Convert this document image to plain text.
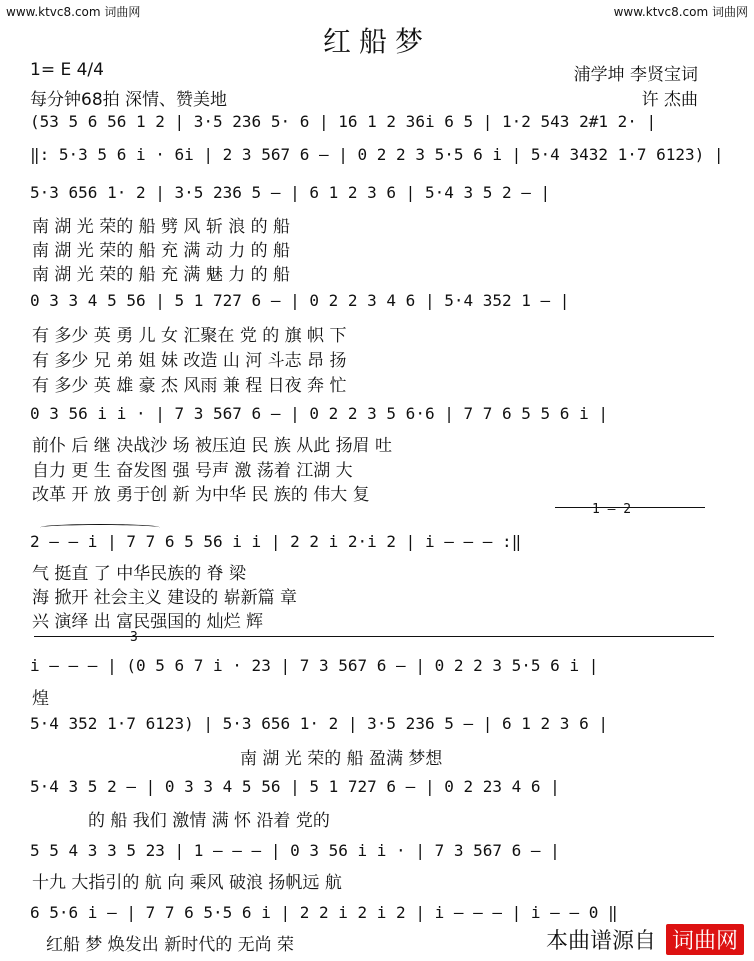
www.ktvc8.com 词曲网	www.ktvc8.com 词曲网
红船梦
1= E 4/4
每分钟68拍 深情、赞美地
浦学坤 李贤宝词
许 杰曲
(53 5 6 56 1 2 | 3·5 236 5· 6 | 16 1 2 36i 6 5 | 1·2 543 2#1 2· |
‖: 5·3 5 6 i · 6i | 2 3 567 6 – | 0 2 2 3 5·5 6 i | 5·4 3432 1·7 6123) |
5·3 656 1· 2 | 3·5 236 5 – | 6 1 2 3 6 | 5·4 3 5 2 – |
南 湖 光 荣的 船 劈 风 斩 浪 的 船
南 湖 光 荣的 船 充 满 动 力 的 船
南 湖 光 荣的 船 充 满 魅 力 的 船
0 3 3 4 5 56 | 5 1 727 6 – | 0 2 2 3 4 6 | 5·4 352 1 – |
有 多少 英 勇 儿 女 汇聚在 党 的 旗 帜 下
有 多少 兄 弟 姐 妹 改造 山 河 斗志 昂 扬
有 多少 英 雄 豪 杰 风雨 兼 程 日夜 奔 忙
0 3 56 i i · | 7 3 567 6 – | 0 2 2 3 5 6·6 | 7 7 6 5 5 6 i |
前仆 后 继 决战沙 场 被压迫 民 族 从此 扬眉 吐
自力 更 生 奋发图 强 号声 激 荡着 江湖 大
改革 开 放 勇于创 新 为中华 民 族的 伟大 复
1 – 2
2 – – i | 7 7 6 5 56 i i | 2 2 i 2·i 2 | i – – – :‖
气 挺直 了 中华民族的 脊 梁
海 掀开 社会主义 建设的 崭新篇 章
兴 演绎 出 富民强国的 灿烂 辉
3
i – – – | (0 5 6 7 i · 23 | 7 3 567 6 – | 0 2 2 3 5·5 6 i |
煌
5·4 352 1·7 6123) | 5·3 656 1· 2 | 3·5 236 5 – | 6 1 2 3 6 |
南 湖 光 荣的 船 盈满 梦想
5·4 3 5 2 – | 0 3 3 4 5 56 | 5 1 727 6 – | 0 2 23 4 6 |
的 船 我们 激情 满 怀 沿着 党的
5 5 4 3 3 5 23 | 1 – – – | 0 3 56 i i · | 7 3 567 6 – |
十九 大指引的 航 向 乘风 破浪 扬帆远 航
6 5·6 i – | 7 7 6 5·5 6 i | 2 2 i 2 i 2 | i – – – | i – – 0 ‖
红船 梦 焕发出 新时代的 无尚 荣	本曲谱源自 词曲网
